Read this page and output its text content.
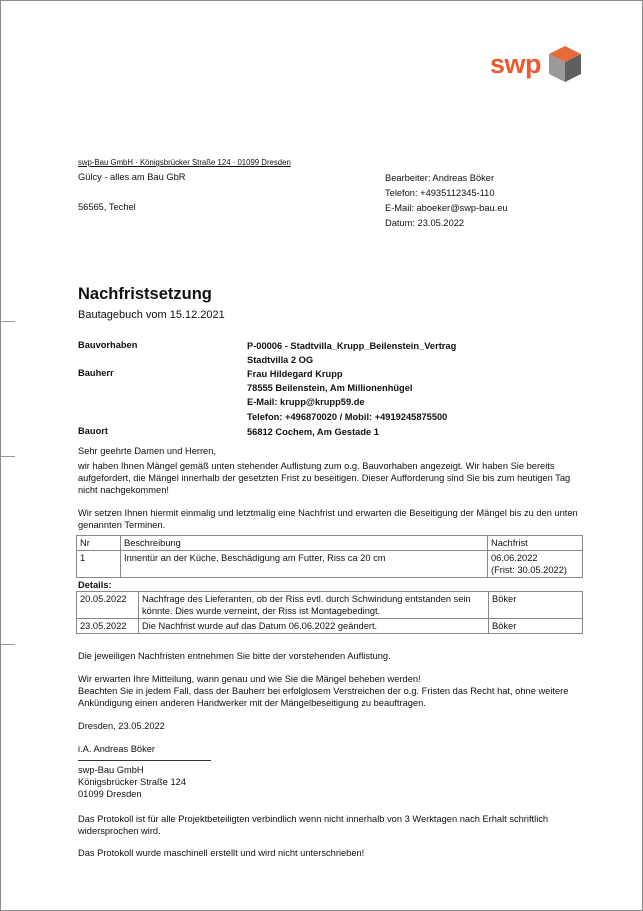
swp
swp-Bau GmbH · Königsbrücker Straße 124 · 01099 Dresden
Gülcy - alles am Bau GbR
56565, Techel
Bearbeiter: Andreas Böker
Telefon: +4935112345-110
E-Mail: aboeker@swp-bau.eu
Datum: 23.05.2022
Nachfristsetzung
Bautagebuch vom 15.12.2021
Bauvorhaben	P-00006 - Stadtvilla_Krupp_Beilenstein_Vertrag
Stadtvilla 2 OG
Bauherr	Frau Hildegard Krupp
78555 Beilenstein, Am Millionenhügel
E-Mail: krupp@krupp59.de
Telefon: +496870020 / Mobil: +4919245875500
Bauort	56812 Cochem, Am Gestade 1
Sehr geehrte Damen und Herren,
wir haben Ihnen Mängel gemäß unten stehender Auflistung zum o.g. Bauvorhaben angezeigt. Wir haben Sie bereits aufgefordert, die Mängel innerhalb der gesetzten Frist zu beseitigen. Dieser Aufforderung sind Sie bis zum heutigen Tag nicht nachgekommen!
Wir setzen Ihnen hiermit einmalig und letztmalig eine Nachfrist und erwarten die Beseitigung der Mängel bis zu den unten genannten Terminen.
Nr	Beschreibung	Nachfrist
1	Innentür an der Küche, Beschädigung am Futter, Riss ca 20 cm	06.06.2022
(Frist: 30.05.2022)
Details:
20.05.2022	Nachfrage des Lieferanten, ob der Riss evtl. durch Schwindung entstanden sein könnte. Dies wurde verneint, der Riss ist Montagebedingt.	Böker
23.05.2022	Die Nachfrist wurde auf das Datum 06.06.2022 geändert.	Böker
Die jeweiligen Nachfristen entnehmen Sie bitte der vorstehenden Auflistung.
Wir erwarten Ihre Mitteilung, wann genau und wie Sie die Mängel beheben werden!
Beachten Sie in jedem Fall, dass der Bauherr bei erfolglosem Verstreichen der o.g. Fristen das Recht hat, ohne weitere Ankündigung einen anderen Handwerker mit der Mängelbeseitigung zu beauftragen.
Dresden, 23.05.2022
i.A. Andreas Böker
swp-Bau GmbH
Königsbrücker Straße 124
01099 Dresden
Das Protokoll ist für alle Projektbeteiligten verbindlich wenn nicht innerhalb von 3 Werktagen nach Erhalt schriftlich widersprochen wird.
Das Protokoll wurde maschinell erstellt und wird nicht unterschrieben!
